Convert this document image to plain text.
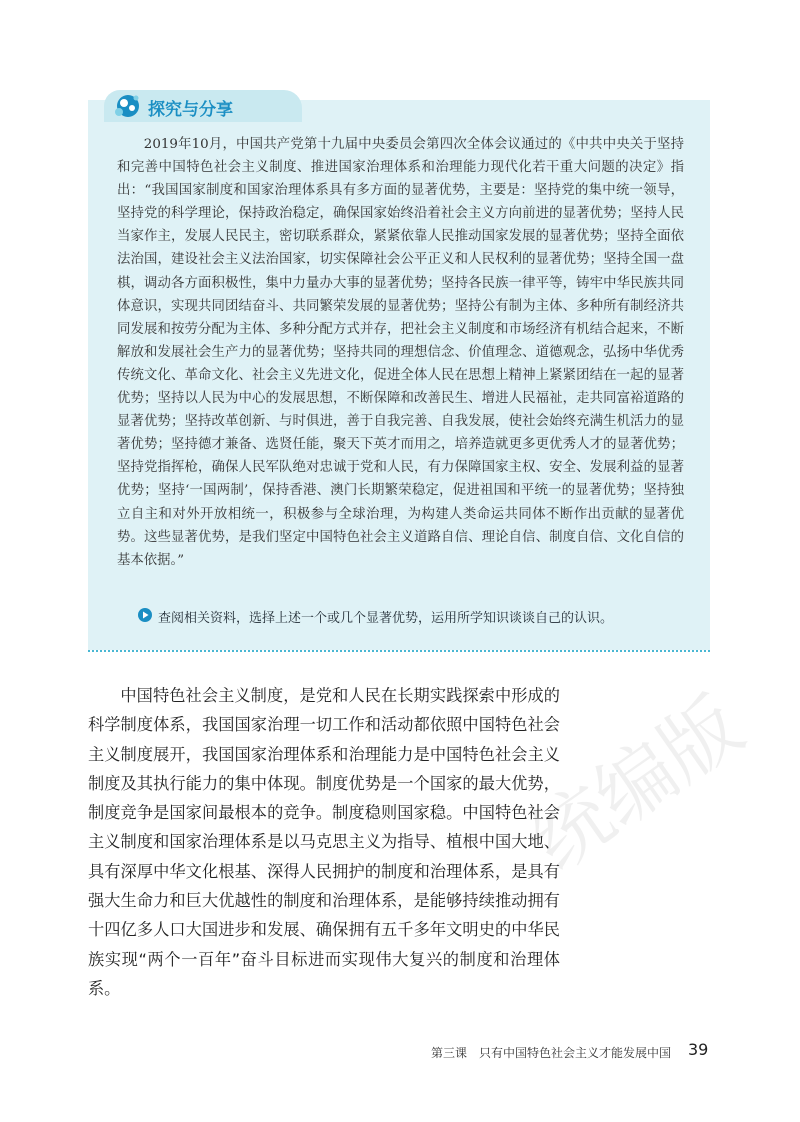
探究与分享

2019年10月，中国共产党第十九届中央委员会第四次全体会议通过的《中共中央关于坚持和完善中国特色社会主义制度、推进国家治理体系和治理能力现代化若干重大问题的决定》指出：“我国国家制度和国家治理体系具有多方面的显著优势，主要是：坚持党的集中统一领导，坚持党的科学理论，保持政治稳定，确保国家始终沿着社会主义方向前进的显著优势；坚持人民当家作主，发展人民民主，密切联系群众，紧紧依靠人民推动国家发展的显著优势；坚持全面依法治国，建设社会主义法治国家，切实保障社会公平正义和人民权利的显著优势；坚持全国一盘棋，调动各方面积极性，集中力量办大事的显著优势；坚持各民族一律平等，铸牢中华民族共同体意识，实现共同团结奋斗、共同繁荣发展的显著优势；坚持公有制为主体、多种所有制经济共同发展和按劳分配为主体、多种分配方式并存，把社会主义制度和市场经济有机结合起来，不断解放和发展社会生产力的显著优势；坚持共同的理想信念、价值理念、道德观念，弘扬中华优秀传统文化、革命文化、社会主义先进文化，促进全体人民在思想上精神上紧紧团结在一起的显著优势；坚持以人民为中心的发展思想，不断保障和改善民生、增进人民福祉，走共同富裕道路的显著优势；坚持改革创新、与时俱进，善于自我完善、自我发展，使社会始终充满生机活力的显著优势；坚持德才兼备、选贤任能，聚天下英才而用之，培养造就更多更优秀人才的显著优势；坚持党指挥枪，确保人民军队绝对忠诚于党和人民，有力保障国家主权、安全、发展利益的显著优势；坚持‘一国两制’，保持香港、澳门长期繁荣稳定，促进祖国和平统一的显著优势；坚持独立自主和对外开放相统一，积极参与全球治理，为构建人类命运共同体不断作出贡献的显著优势。这些显著优势，是我们坚定中国特色社会主义道路自信、理论自信、制度自信、文化自信的基本依据。”

查阅相关资料，选择上述一个或几个显著优势，运用所学知识谈谈自己的认识。

中国特色社会主义制度，是党和人民在长期实践探索中形成的科学制度体系，我国国家治理一切工作和活动都依照中国特色社会主义制度展开，我国国家治理体系和治理能力是中国特色社会主义制度及其执行能力的集中体现。制度优势是一个国家的最大优势，制度竞争是国家间最根本的竞争。制度稳则国家稳。中国特色社会主义制度和国家治理体系是以马克思主义为指导、植根中国大地、具有深厚中华文化根基、深得人民拥护的制度和治理体系，是具有强大生命力和巨大优越性的制度和治理体系，是能够持续推动拥有十四亿多人口大国进步和发展、确保拥有五千多年文明史的中华民族实现“两个一百年”奋斗目标进而实现伟大复兴的制度和治理体系。

统编版
第三课　只有中国特色社会主义才能发展中国 39
